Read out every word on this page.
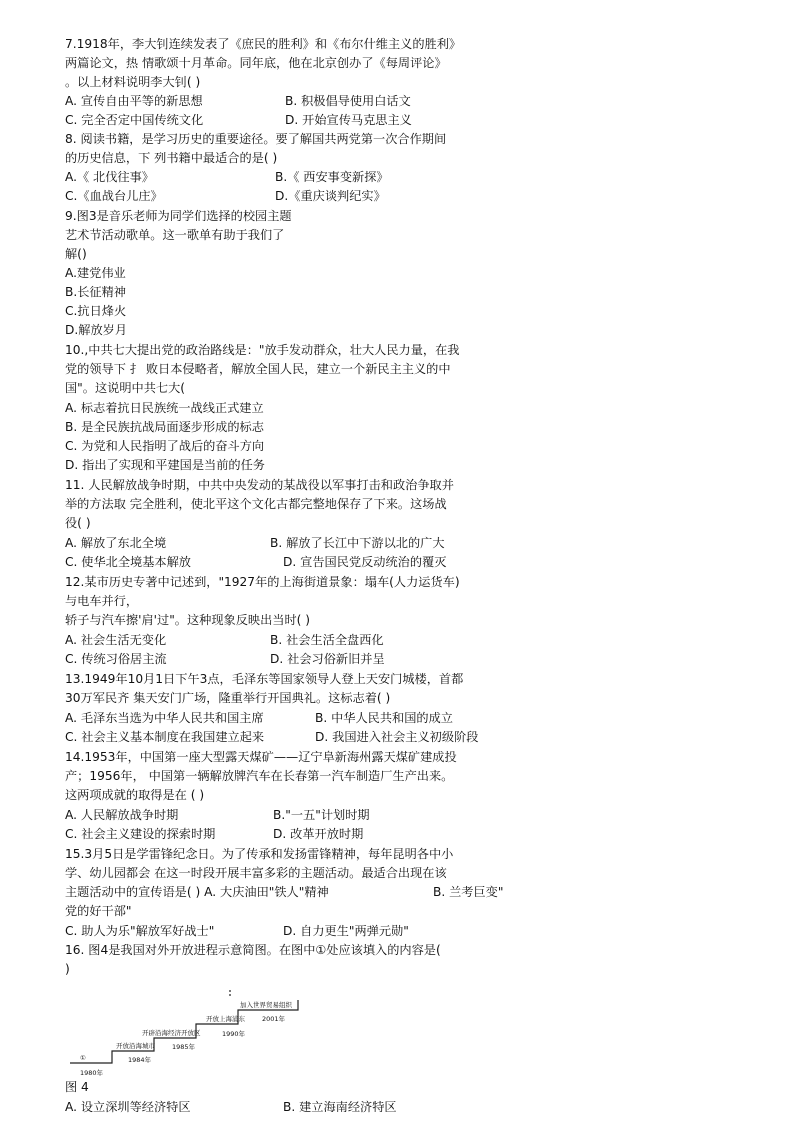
7.1918年，李大钊连续发表了《庶民的胜利》和《布尔什维主义的胜利》
两篇论文，热 情歌颂十月革命。同年底，他在北京创办了《每周评论》
。以上材料说明李大钊( )
A. 宣传自由平等的新思想	B. 积极倡导使用白话文
C. 完全否定中国传统文化	D. 开始宣传马克思主义
8. 阅读书籍，是学习历史的重要途径。要了解国共两党第一次合作期间
的历史信息，下 列书籍中最适合的是( )
A.《 北伐往事》	B.《 西安事变新探》
C.《血战台儿庄》	D.《重庆谈判纪实》
9.图3是音乐老师为同学们选择的校园主题
艺术节活动歌单。这一歌单有助于我们了
解()
A.建党伟业
B.长征精神
C.抗日烽火
D.解放岁月
10.,中共七大提出党的政治路线是："放手发动群众，壮大人民力量，在我
党的领导下 扌 败日本侵略者，解放全国人民，建立一个新民主主义的中
国"。这说明中共七大(
A. 标志着抗日民族统一战线正式建立
B. 是全民族抗战局面逐步形成的标志
C. 为党和人民指明了战后的奋斗方向
D. 指出了实现和平建国是当前的任务
11. 人民解放战争时期，中共中央发动的某战役以军事打击和政治争取并
举的方法取 完全胜利，使北平这个文化古都完整地保存了下来。这场战
役( )
A. 解放了东北全境	B. 解放了长江中下游以北的广大
C. 使华北全境基本解放	D. 宣告国民党反动统治的覆灭
12.某市历史专著中记述到，"1927年的上海街道景象：塌车(人力运货车)
与电车并行，
轿子与汽车擦'肩'过"。这种现象反映出当时( )
A. 社会生活无变化	B. 社会生活全盘西化
C. 传统习俗居主流	D. 社会习俗新旧并呈
13.1949年10月1日下午3点，毛泽东等国家领导人登上天安门城楼，首都
30万军民齐 集天安门广场，隆重举行开国典礼。这标志着( )
A. 毛泽东当选为中华人民共和国主席	B. 中华人民共和国的成立
C. 社会主义基本制度在我国建立起来	D. 我国进入社会主义初级阶段
14.1953年，中国第一座大型露天煤矿——辽宁阜新海州露天煤矿建成投
产；1956年， 中国第一辆解放牌汽车在长春第一汽车制造厂生产出来。
这两项成就的取得是在 ( )
A. 人民解放战争时期	B."一五"计划时期
C. 社会主义建设的探索时期	D. 改革开放时期
15.3月5日是学雷锋纪念日。为了传承和发扬雷锋精神，每年昆明各中小
学、幼儿园都会 在这一时段开展丰富多彩的主题活动。最适合出现在该
主题活动中的宣传语是( ) A. 大庆油田"铁人"精神	B. 兰考巨变"
党的好干部"
C. 助人为乐"解放军好战士"	D. 自力更生"两弹元勋"
16. 图4是我国对外开放进程示意简图。在图中①处应该填入的内容是(
)
①
1980年
开放沿海城市
1984年
开辟沿海经济开放区
1985年
开放上海浦东
1990年
加入世界贸易组织
2001年
图 4
A. 设立深圳等经济特区	B. 建立海南经济特区
